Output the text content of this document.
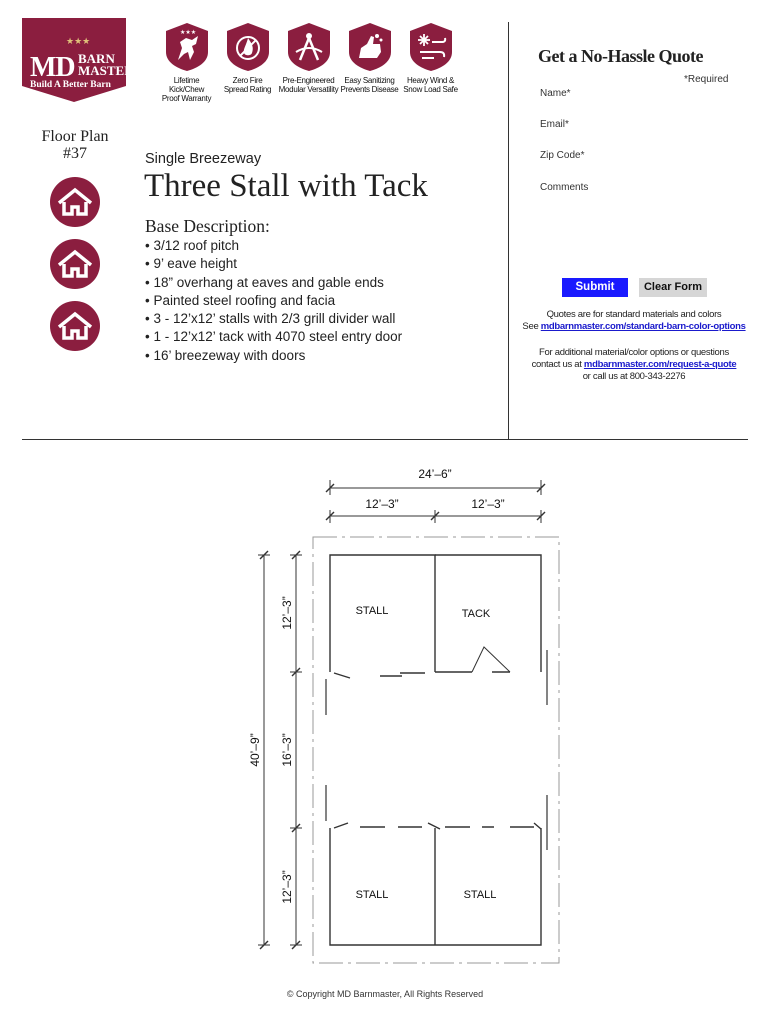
★★★
MD BARN
MASTER
Build A Better Barn
★★★
Lifetime Kick/Chew
Proof Warranty
Zero Fire
Spread Rating
Pre-Engineered
Modular Versatility
Easy Sanitizing
Prevents Disease
Heavy Wind &
Snow Load Safe
Floor Plan
#37	Single Breezeway
Three Stall with Tack
Base Description:
• 3/12 roof pitch
• 9’ eave height
• 18” overhang at eaves and gable ends
• Painted steel roofing and facia
• 3 - 12’x12’ stalls with 2/3 grill divider wall
• 1 - 12’x12’ tack with 4070 steel entry door
• 16’ breezeway with doors
Get a No-Hassle Quote
*Required
Name*
Email*
Zip Code*
Comments
Submit	Clear Form
Quotes are for standard materials and colors
See mdbarnmaster.com/standard-barn-color-options
For additional material/color options or questions
contact us at mdbarnmaster.com/request-a-quote
or call us at 800-343-2276
24’–6”
12’–3”	12’–3”
40’–9”
12’–3”
16’–3”
12’–3”
STALL	TACK
STALL	STALL
© Copyright MD Barnmaster, All Rights Reserved
